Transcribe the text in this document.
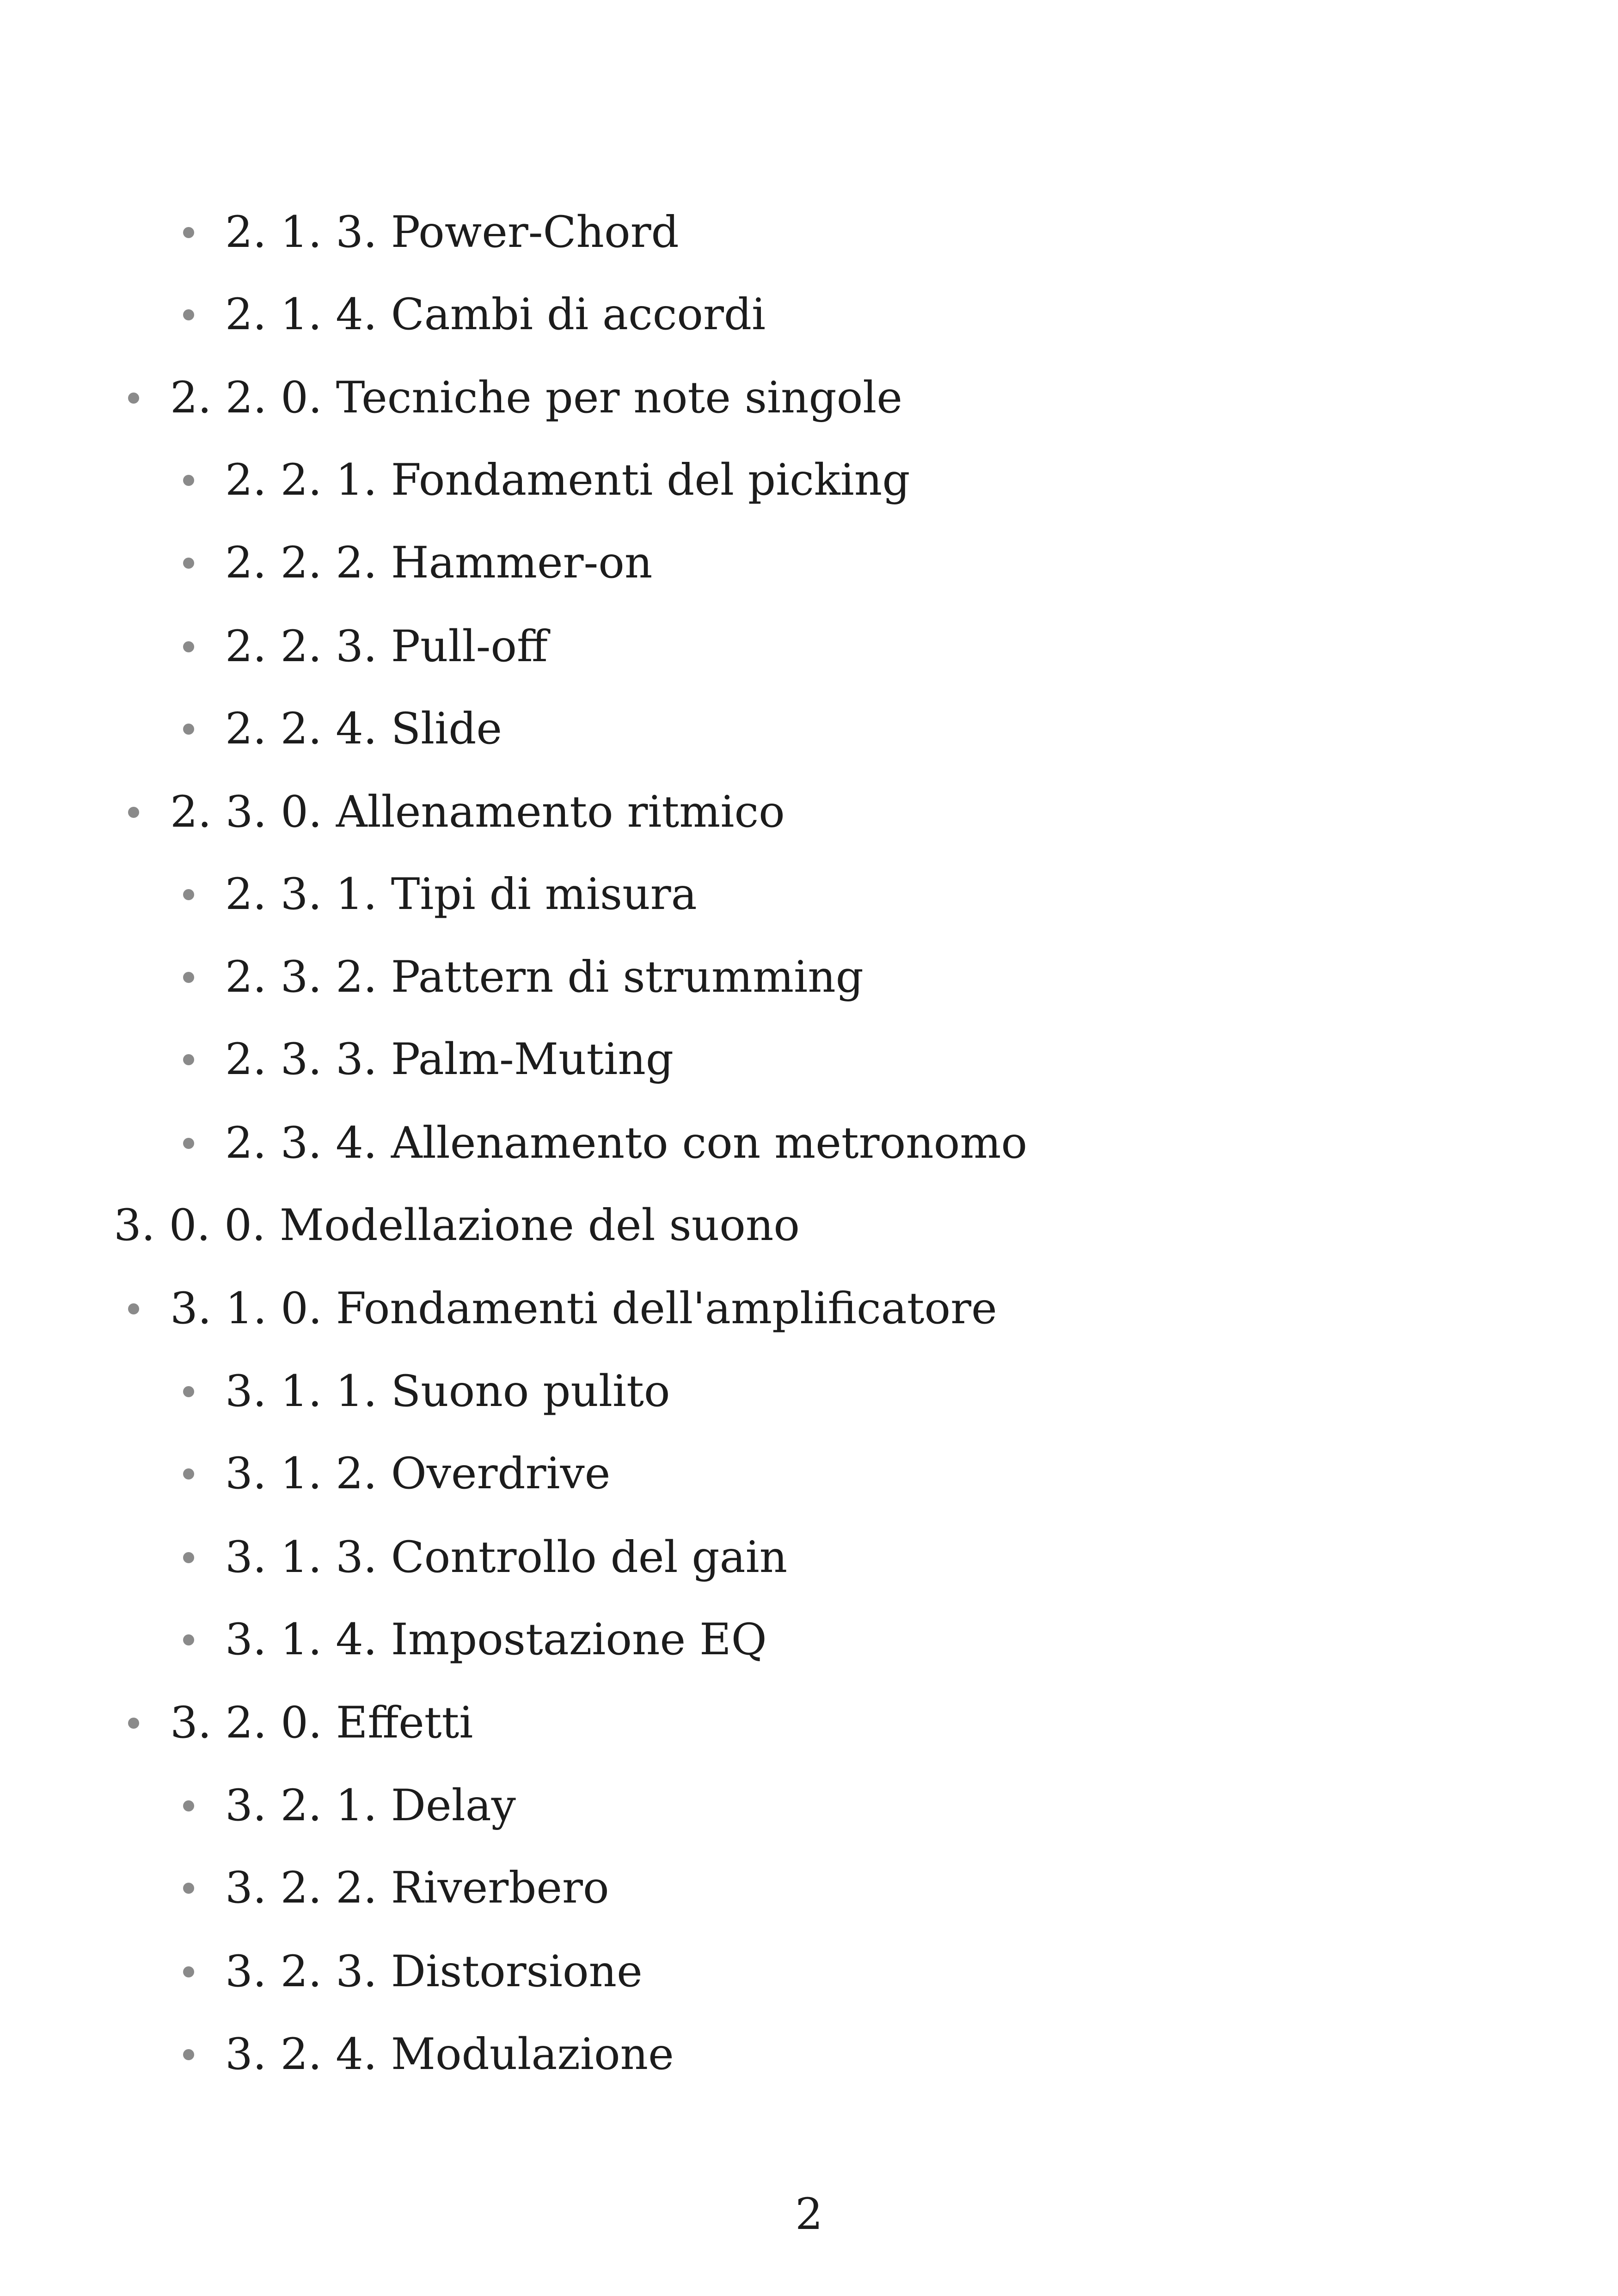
2. 1. 3. Power-Chord
2. 1. 4. Cambi di accordi
2. 2. 0. Tecniche per note singole
2. 2. 1. Fondamenti del picking
2. 2. 2. Hammer-on
2. 2. 3. Pull-off
2. 2. 4. Slide
2. 3. 0. Allenamento ritmico
2. 3. 1. Tipi di misura
2. 3. 2. Pattern di strumming
2. 3. 3. Palm-Muting
2. 3. 4. Allenamento con metronomo
3. 0. 0. Modellazione del suono
3. 1. 0. Fondamenti dell'amplificatore
3. 1. 1. Suono pulito
3. 1. 2. Overdrive
3. 1. 3. Controllo del gain
3. 1. 4. Impostazione EQ
3. 2. 0. Effetti
3. 2. 1. Delay
3. 2. 2. Riverbero
3. 2. 3. Distorsione
3. 2. 4. Modulazione
2
